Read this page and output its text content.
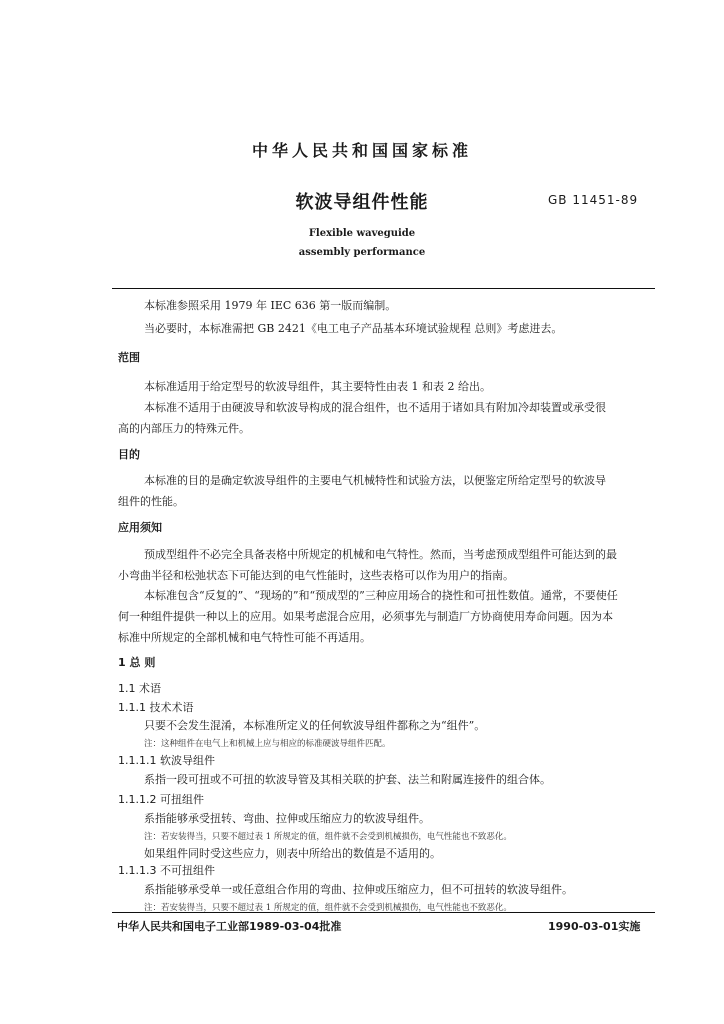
中华人民共和国国家标准
软波导组件性能	GB 11451-89
Flexible waveguide
assembly performance
本标准参照采用 1979 年 IEC 636 第一版而编制。
当必要时，本标准需把 GB 2421《电工电子产品基本环境试验规程 总则》考虑进去。
范围
本标准适用于给定型号的软波导组件，其主要特性由表 1 和表 2 给出。
本标准不适用于由硬波导和软波导构成的混合组件，也不适用于诸如具有附加冷却装置或承受很
高的内部压力的特殊元件。
目的
本标准的目的是确定软波导组件的主要电气机械特性和试验方法，以便鉴定所给定型号的软波导
组件的性能。
应用须知
预成型组件不必完全具备表格中所规定的机械和电气特性。然而，当考虑预成型组件可能达到的最
小弯曲半径和松弛状态下可能达到的电气性能时，这些表格可以作为用户的指南。
本标准包含“反复的”、“现场的”和“预成型的”三种应用场合的挠性和可扭性数值。通常，不要使任
何一种组件提供一种以上的应用。如果考虑混合应用，必须事先与制造厂方协商使用寿命问题。因为本
标准中所规定的全部机械和电气特性可能不再适用。
1 总 则
1.1 术语
1.1.1 技术术语
只要不会发生混淆，本标准所定义的任何软波导组件都称之为“组件”。
注：这种组件在电气上和机械上应与相应的标准硬波导组件匹配。
1.1.1.1 软波导组件
系指一段可扭或不可扭的软波导管及其相关联的护套、法兰和附属连接件的组合体。
1.1.1.2 可扭组件
系指能够承受扭转、弯曲、拉伸或压缩应力的软波导组件。
注：若安装得当，只要不超过表 1 所规定的值，组件就不会受到机械损伤，电气性能也不致恶化。
如果组件同时受这些应力，则表中所给出的数值是不适用的。
1.1.1.3 不可扭组件
系指能够承受单一或任意组合作用的弯曲、拉伸或压缩应力，但不可扭转的软波导组件。
注：若安装得当，只要不超过表 1 所规定的值，组件就不会受到机械损伤，电气性能也不致恶化。
中华人民共和国电子工业部1989-03-04批准	1990-03-01实施
